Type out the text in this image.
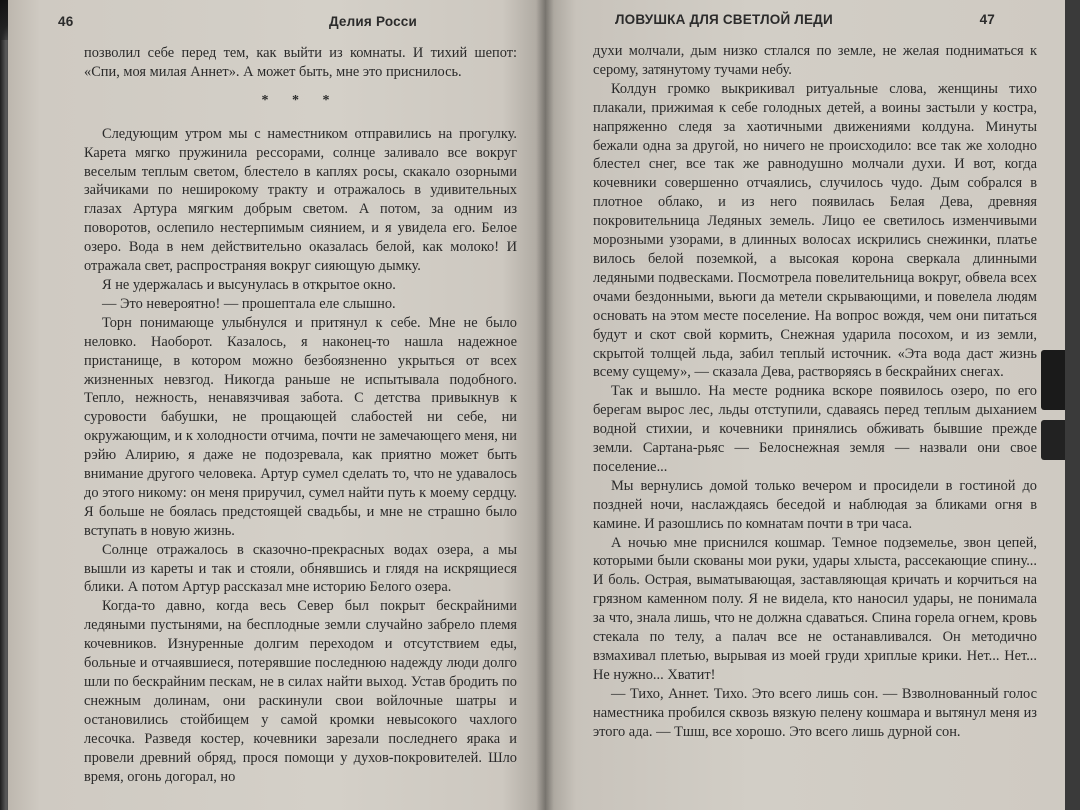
46	Делия Росси

позволил себе перед тем, как выйти из комнаты. И тихий шепот: «Спи, моя милая Аннет». А может быть, мне это приснилось.

* * *

Следующим утром мы с наместником отправились на прогулку. Карета мягко пружинила рессорами, солнце заливало все вокруг веселым теплым светом, блестело в каплях росы, скакало озорными зайчиками по неширокому тракту и отражалось в удивительных глазах Артура мягким добрым светом. А потом, за одним из поворотов, ослепило нестерпимым сиянием, и я увидела его. Белое озеро. Вода в нем действительно оказалась белой, как молоко! И отражала свет, распространяя вокруг сияющую дымку.

Я не удержалась и высунулась в открытое окно.

— Это невероятно! — прошептала еле слышно.

Торн понимающе улыбнулся и притянул к себе. Мне не было неловко. Наоборот. Казалось, я наконец-то нашла надежное пристанище, в котором можно безбоязненно укрыться от всех жизненных невзгод. Никогда раньше не испытывала подобного. Тепло, нежность, ненавязчивая забота. С детства привыкнув к суровости бабушки, не прощающей слабостей ни себе, ни окружающим, и к холодности отчима, почти не замечающего меня, ни рэйю Алирию, я даже не подозревала, как приятно может быть внимание другого человека. Артур сумел сделать то, что не удавалось до этого никому: он меня приручил, сумел найти путь к моему сердцу. Я больше не боялась предстоящей свадьбы, и мне не страшно было вступать в новую жизнь.

Солнце отражалось в сказочно-прекрасных водах озера, а мы вышли из кареты и так и стояли, обнявшись и глядя на искрящиеся блики. А потом Артур рассказал мне историю Белого озера.

Когда-то давно, когда весь Север был покрыт бескрайними ледяными пустынями, на бесплодные земли случайно забрело племя кочевников. Изнуренные долгим переходом и отсутствием еды, больные и отчаявшиеся, потерявшие последнюю надежду люди долго шли по бескрайним пескам, не в силах найти выход. Устав бродить по снежным долинам, они раскинули свои войлочные шатры и остановились стойбищем у самой кромки невысокого чахлого лесочка. Разведя костер, кочевники зарезали последнего ярака и провели древний обряд, прося помощи у духов-покровителей. Шло время, огонь догорал, но

ЛОВУШКА ДЛЯ СВЕТЛОЙ ЛЕДИ	47

духи молчали, дым низко стлался по земле, не желая подниматься к серому, затянутому тучами небу.

Колдун громко выкрикивал ритуальные слова, женщины тихо плакали, прижимая к себе голодных детей, а воины застыли у костра, напряженно следя за хаотичными движениями колдуна. Минуты бежали одна за другой, но ничего не происходило: все так же холодно блестел снег, все так же равнодушно молчали духи. И вот, когда кочевники совершенно отчаялись, случилось чудо. Дым собрался в плотное облако, и из него появилась Белая Дева, древняя покровительница Ледяных земель. Лицо ее светилось изменчивыми морозными узорами, в длинных волосах искрились снежинки, платье вилось белой поземкой, а высокая корона сверкала длинными ледяными подвесками. Посмотрела повелительница вокруг, обвела всех очами бездонными, вьюги да метели скрывающими, и повелела людям основать на этом месте поселение. На вопрос вождя, чем они питаться будут и скот свой кормить, Снежная ударила посохом, и из земли, скрытой толщей льда, забил теплый источник. «Эта вода даст жизнь всему сущему», — сказала Дева, растворяясь в бескрайних снегах.

Так и вышло. На месте родника вскоре появилось озеро, по его берегам вырос лес, льды отступили, сдаваясь перед теплым дыханием водной стихии, и кочевники принялись обживать бывшие прежде земли. Сартана-рьяс — Белоснежная земля — назвали они свое поселение...

Мы вернулись домой только вечером и просидели в гостиной до поздней ночи, наслаждаясь беседой и наблюдая за бликами огня в камине. И разошлись по комнатам почти в три часа.

А ночью мне приснился кошмар. Темное подземелье, звон цепей, которыми были скованы мои руки, удары хлыста, рассекающие спину... И боль. Острая, выматывающая, заставляющая кричать и корчиться на грязном каменном полу. Я не видела, кто наносил удары, не понимала за что, знала лишь, что не должна сдаваться. Спина горела огнем, кровь стекала по телу, а палач все не останавливался. Он методично взмахивал плетью, вырывая из моей груди хриплые крики. Нет... Нет... Не нужно... Хватит!

— Тихо, Аннет. Тихо. Это всего лишь сон. — Взволнованный голос наместника пробился сквозь вязкую пелену кошмара и вытянул меня из этого ада. — Тшш, все хорошо. Это всего лишь дурной сон.
